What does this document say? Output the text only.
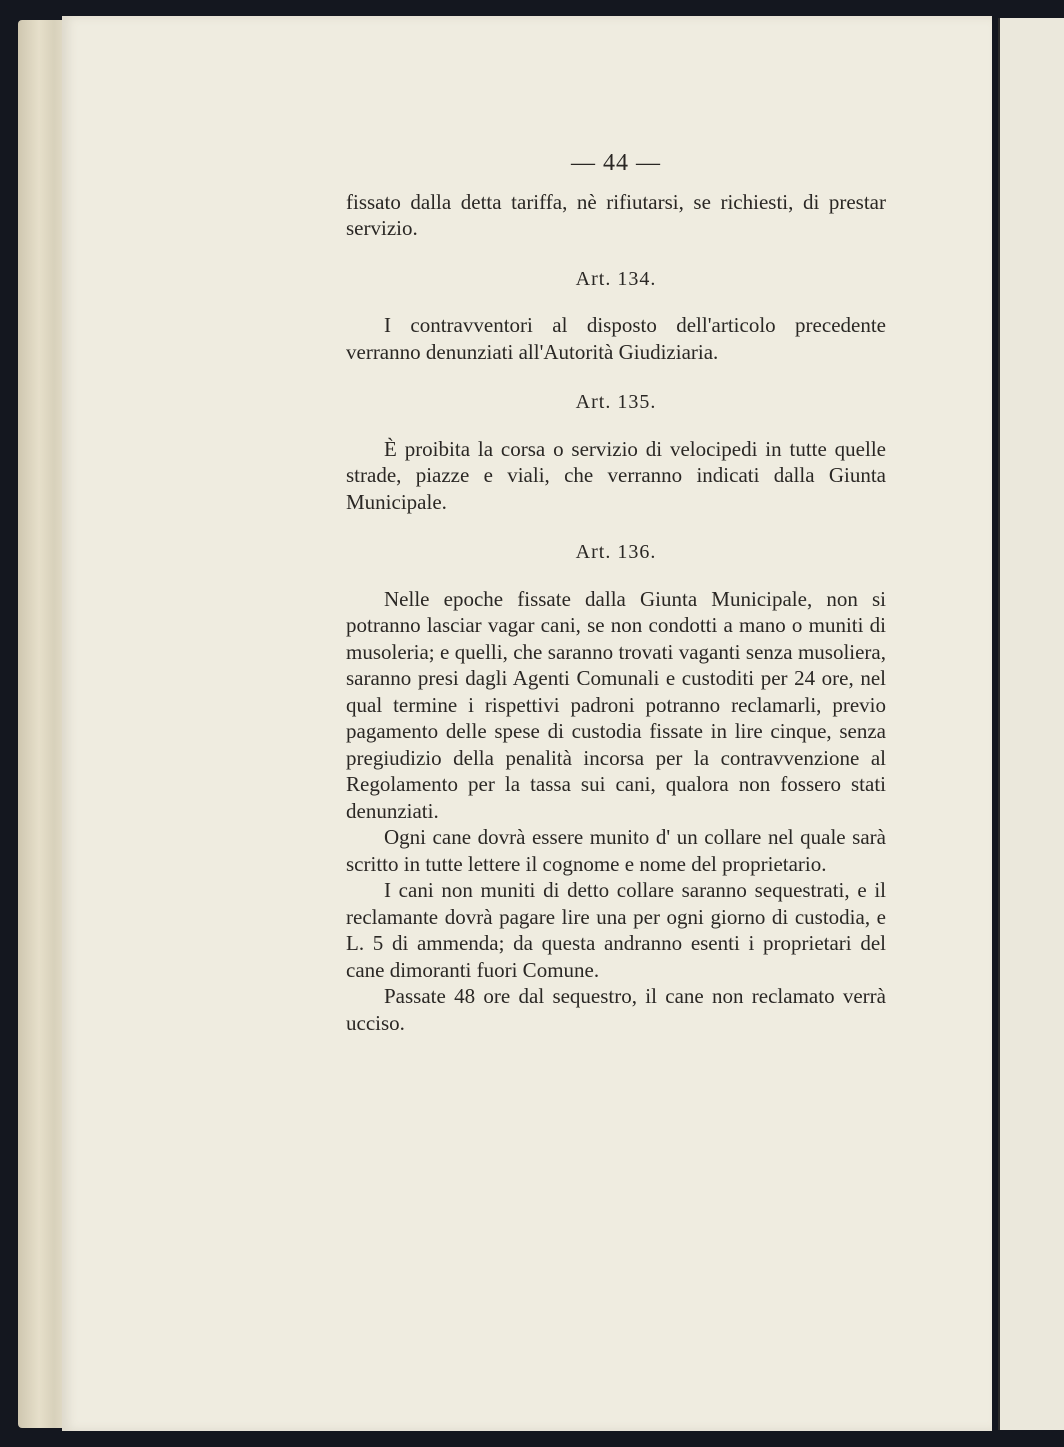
— 44 —

fissato dalla detta tariffa, nè rifiutarsi, se richiesti, di prestar servizio.

Art. 134.

I contravventori al disposto dell'articolo precedente verranno denunziati all'Autorità Giudiziaria.

Art. 135.

È proibita la corsa o servizio di velocipedi in tutte quelle strade, piazze e viali, che verranno indicati dalla Giunta Municipale.

Art. 136.

Nelle epoche fissate dalla Giunta Municipale, non si potranno lasciar vagar cani, se non condotti a mano o muniti di musoleria; e quelli, che saranno trovati vaganti senza musoliera, saranno presi dagli Agenti Comunali e custoditi per 24 ore, nel qual termine i rispettivi padroni potranno reclamarli, previo pagamento delle spese di custodia fissate in lire cinque, senza pregiudizio della penalità incorsa per la contravvenzione al Regolamento per la tassa sui cani, qualora non fossero stati denunziati.

Ogni cane dovrà essere munito d' un collare nel quale sarà scritto in tutte lettere il cognome e nome del proprietario.

I cani non muniti di detto collare saranno sequestrati, e il reclamante dovrà pagare lire una per ogni giorno di custodia, e L. 5 di ammenda; da questa andranno esenti i proprietari del cane dimoranti fuori Comune.

Passate 48 ore dal sequestro, il cane non reclamato verrà ucciso.
